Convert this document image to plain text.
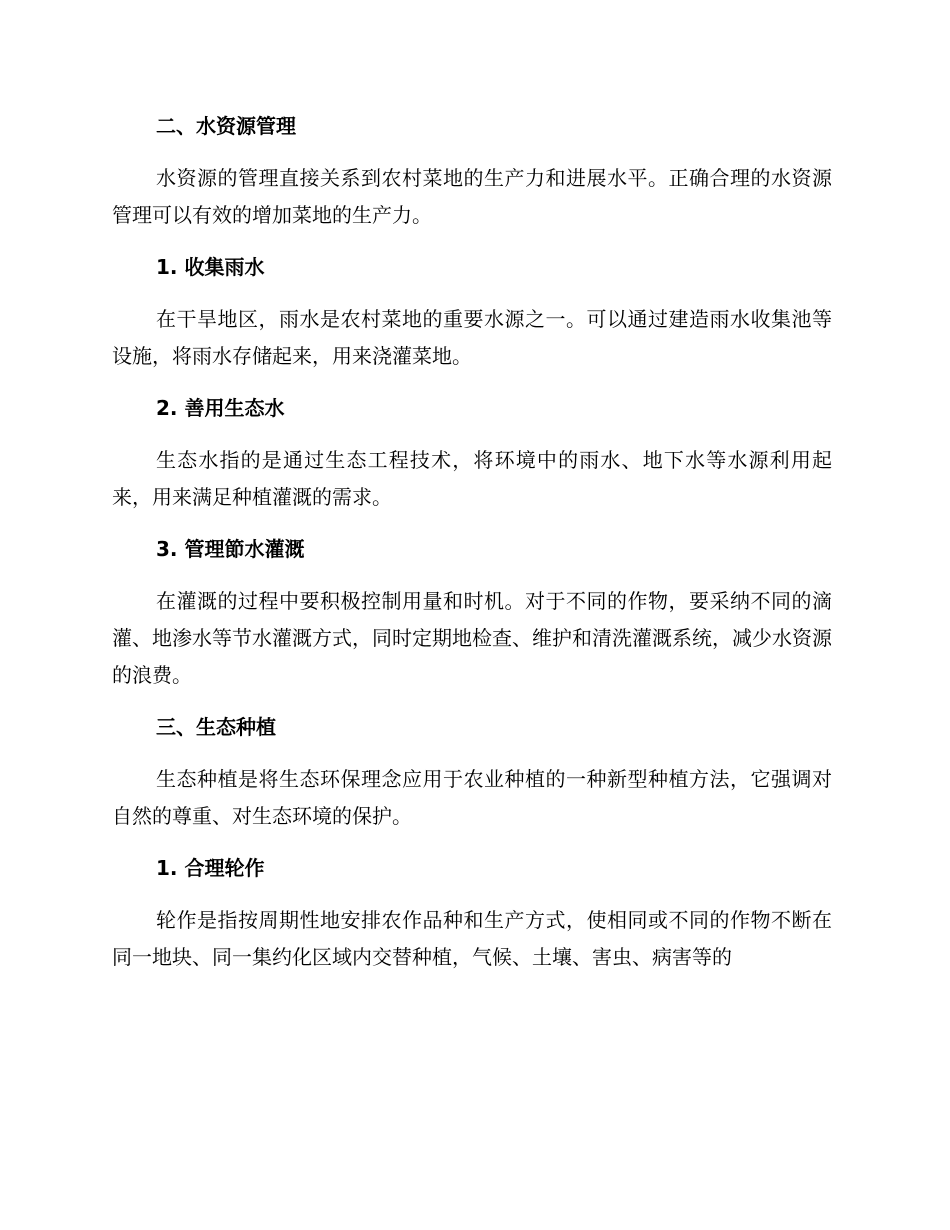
二、水资源管理

水资源的管理直接关系到农村菜地的生产力和进展水平。正确合理的水资源管理可以有效的增加菜地的生产力。

1. 收集雨水

在干旱地区，雨水是农村菜地的重要水源之一。可以通过建造雨水收集池等设施，将雨水存储起来，用来浇灌菜地。

2. 善用生态水

生态水指的是通过生态工程技术，将环境中的雨水、地下水等水源利用起来，用来满足种植灌溉的需求。

3. 管理節水灌溉

在灌溉的过程中要积极控制用量和时机。对于不同的作物，要采纳不同的滴灌、地渗水等节水灌溉方式，同时定期地检查、维护和清洗灌溉系统，减少水资源的浪费。

三、生态种植

生态种植是将生态环保理念应用于农业种植的一种新型种植方法，它强调对自然的尊重、对生态环境的保护。

1. 合理轮作

轮作是指按周期性地安排农作品种和生产方式，使相同或不同的作物不断在同一地块、同一集约化区域内交替种植，气候、土壤、害虫、病害等的
